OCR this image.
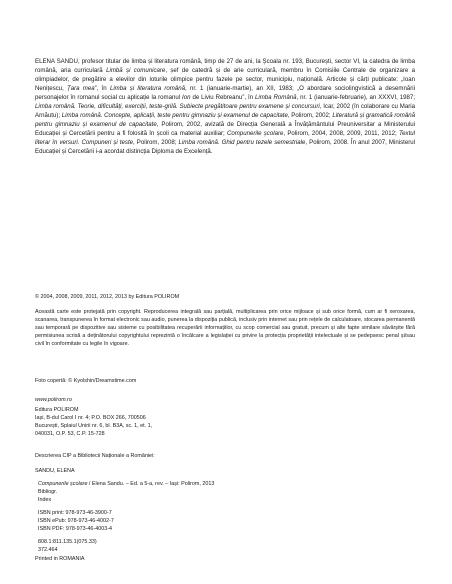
ELENA SANDU, profesor titular de limba și literatura română, timp de 27 de ani, la Școala nr. 193, București, sector VI, la catedra de limba română, aria curriculară Limbă și comunicare, șef de catedră și de arie curriculară, membru în Comisiile Centrale de organizare a olimpiadelor, de pregătire a elevilor din loturile olimpice pentru fazele pe sector, municipiu, națională. Articole și cărți publicate: „Ioan Nenițescu, Țara mea”, în Limba și literatura română, nr. 1 (ianuarie-martie), an XII, 1983; „O abordare sociolingvistică a desemnării personajelor în romanul social cu aplicație la romanul Ion de Liviu Rebreanu”, în Limba Română, nr. 1 (ianuarie-februarie), an XXXVI, 1987; Limba română. Teorie, dificultăți, exerciții, teste-grilă. Subiecte pregătitoare pentru examene și concursuri, Icar, 2002 (în colaborare cu Maria Arnăutu); Limba română. Concepte, aplicații, teste pentru gimnaziu și examenul de capacitate, Polirom, 2002; Literatură și gramatică română pentru gimnaziu și examenul de capacitate, Polirom, 2002, avizată de Direcția Generală a Învățământului Preuniversitar a Ministerului Educației și Cercetării pentru a fi folosită în școli ca material auxiliar; Compunerile școlare, Polirom, 2004, 2008, 2009, 2011, 2012; Textul literar în versuri. Compuneri și teste, Polirom, 2008; Limba română. Ghid pentru tezele semestriale, Polirom, 2008. În anul 2007, Ministerul Educației și Cercetării i-a acordat distincția Diploma de Excelență.

© 2004, 2008, 2009, 2011, 2012, 2013 by Editura POLIROM

Această carte este protejată prin copyright. Reproducerea integrală sau parțială, multiplicarea prin orice mijloace și sub orice formă, cum ar fi xeroxarea, scanarea, transpunerea în format electronic sau audio, punerea la dispoziția publică, inclusiv prin internet sau prin rețele de calculatoare, stocarea permanentă sau temporară pe dispozitive sau sisteme cu posibilitatea recuperării informațiilor, cu scop comercial sau gratuit, precum și alte fapte similare săvârșite fără permisiunea scrisă a deținătorului copyrightului reprezintă o încălcare a legislației cu privire la protecția proprietății intelectuale și se pedepsesc penal și/sau civil în conformitate cu legile în vigoare.

Foto copertă: © Kyolshin/Dreamstime.com

www.polirom.ro

Editura POLIROM

Iași, B-dul Carol I nr. 4; P.O. BOX 266, 700506

București, Splaiul Unirii nr. 6, bl. B3A, sc. 1, et. 1,

040031, O.P. 53, C.P. 15-728

Descrierea CIP a Bibliotecii Naționale a României:

SANDU, ELENA

Compunerile școlare / Elena Sandu. – Ed. a 5-a, rev. – Iași: Polirom, 2013

Bibliogr.

Index

ISBN print: 978-973-46-3900-7

ISBN ePub: 978-973-46-4002-7

ISBN PDF: 978-973-46-4003-4

808.1:811.135.1(075.33)

372.464

Printed in ROMANIA
